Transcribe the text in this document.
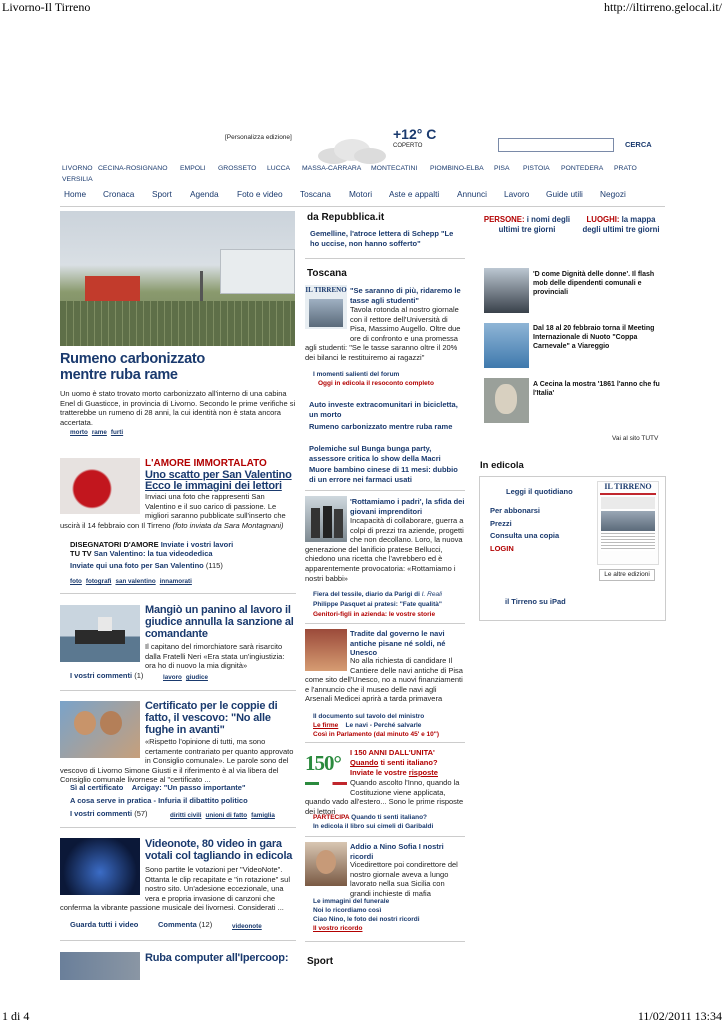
Livorno-Il Tirreno	http://iltirreno.gelocal.it/
1 di 4	11/02/2011 13:34
[Personalizza edizione]	+12° C
COPERTO	CERCA
LIVORNO CECINA-ROSIGNANO EMPOLI GROSSETO LUCCA MASSA-CARRARA MONTECATINI PIOMBINO-ELBA PISA PISTOIA PONTEDERA PRATO
VERSILIA
Home Cronaca Sport Agenda Foto e video Toscana Motori Aste e appalti Annunci Lavoro Guide utili Negozi
Rumeno carbonizzato mentre ruba rame
Un uomo è stato trovato morto carbonizzato all'interno di una cabina Enel di Guasticce, in provincia di Livorno. Secondo le prime verifiche si tratterebbe un rumeno di 28 anni, la cui identità non è stata ancora accertata.
morto rame furti
L'AMORE IMMORTALATO
Uno scatto per San Valentino
Ecco le immagini dei lettori
Inviaci una foto che rappresenti San Valentino e il suo carico di passione. Le migliori saranno pubblicate sull'inserto che uscirà il 14 febbraio con Il Tirreno (foto inviata da Sara Montagnani)
DISEGNATORI D'AMORE Inviate i vostri lavori
TU TV San Valentino: la tua videodedica
Inviate qui una foto per San Valentino (115)
foto fotografi san valentino innamorati
Mangiò un panino al lavoro il giudice annulla la sanzione al comandante
Il capitano del rimorchiatore sarà risarcito dalla Fratelli Neri «Era stata un'ingiustizia: ora ho di nuovo la mia dignità»
I vostri commenti (1)	lavoro giudice
Certificato per le coppie di fatto, il vescovo: "No alle fughe in avanti"
«Rispetto l'opinione di tutti, ma sono certamente contrariato per quanto approvato in Consiglio comunale». Le parole sono del vescovo di Livorno Simone Giusti e il riferimento è al via libera del Consiglio comunale livornese al "certificato ...
Sì al certificato Arcigay: "Un passo importante"
A cosa serve in pratica - Infuria il dibattito politico
I vostri commenti (57)	diritti civili unioni di fatto famiglia
Videonote, 80 video in gara votali col tagliando in edicola
Sono partite le votazioni per "VideoNote". Ottanta le clip recapitate e "in rotazione" sul nostro sito. Un'adesione eccezionale, una vera e propria invasione di canzoni che conferma la vibrante passione musicale dei livornesi. Considerati ...
Guarda tutti i video	Commenta (12)	videonote
Ruba computer all'Ipercoop:
da Repubblica.it
Gemelline, l'atroce lettera di Schepp "Le ho uccise, non hanno sofferto"
Toscana
IL TIRRENO "Se saranno di più, ridaremo le tasse agli studenti"
Tavola rotonda al nostro giornale con il rettore dell'Università di Pisa, Massimo Augello. Oltre due ore di confronto e una promessa agli studenti: "Se le tasse saranno oltre il 20% dei bilanci le restituiremo ai ragazzi"
I momenti salienti del forum
Oggi in edicola il resoconto completo
Auto investe extracomunitari in bicicletta, un morto
Rumeno carbonizzato mentre ruba rame
Polemiche sul Bunga bunga party, assessore critica lo show della Macri
Muore bambino cinese di 11 mesi: dubbio di un errore nei farmaci usati
'Rottamiamo i padri', la sfida dei giovani imprenditori
Incapacità di collaborare, guerra a colpi di prezzi tra aziende, progetti che non decollano. Loro, la nuova generazione del lanificio pratese Bellucci, chiedono una ricetta che l'avrebbero ed è apparentemente provocatoria: «Rottamiamo i nostri babbi»
Fiera del tessile, diario da Parigi di I. Reali
Philippe Pasquet ai pratesi: "Fate qualità"
Genitori-figli in azienda: le vostre storie
Tradite dal governo le navi antiche pisane né soldi, né Unesco
No alla richiesta di candidare Il Cantiere delle navi antiche di Pisa come sito dell'Unesco, no a nuovi finanziamenti e l'annuncio che il museo delle navi agli Arsenali Medicei aprirà a tarda primavera
Il documento sul tavolo del ministro
Le firme Le navi - Perché salvarle
Così in Parlamento (dal minuto 45' e 10")
150°	I 150 ANNI DALL'UNITA'
Quando ti senti italiano?
Inviate le vostre risposte
Quando ascolto l'Inno, quando la Costituzione viene applicata, quando vado all'estero... Sono le prime risposte dei lettori
PARTECIPA Quando ti senti italiano?
In edicola il libro sui cimeli di Garibaldi
Addio a Nino Sofia I nostri ricordi
Vicedirettore poi condirettore del nostro giornale aveva a lungo lavorato nella sua Sicilia con grandi inchieste di mafia
Le immagini del funerale
Noi lo ricordiamo così
Ciao Nino, le foto dei nostri ricordi
Il vostro ricordo
Sport
PERSONE: i nomi degli ultimi tre giorni
LUOGHI: la mappa degli ultimi tre giorni
'D come Dignità delle donne'. Il flash mob delle dipendenti comunali e provinciali
Dal 18 al 20 febbraio torna il Meeting Internazionale di Nuoto "Coppa Carnevale" a Viareggio
A Cecina la mostra '1861 l'anno che fu l'Italia'
Vai al sito TUTV
In edicola
Leggi il quotidiano
Per abbonarsi
Prezzi
Consulta una copia
LOGIN
IL TIRRENO
Le altre edizioni
il Tirreno su iPad
